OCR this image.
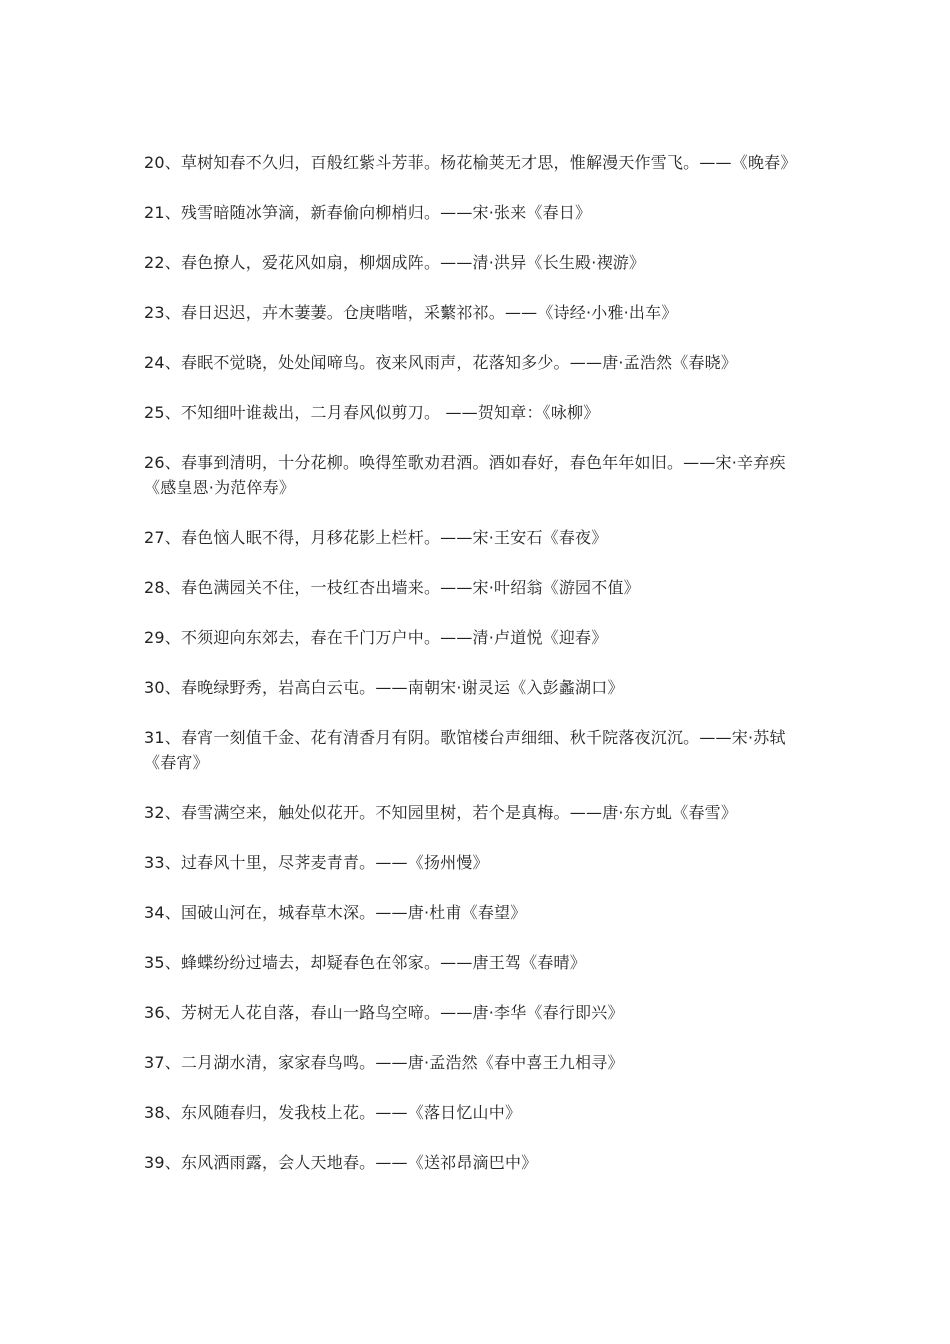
20、草树知春不久归，百般红紫斗芳菲。杨花榆荚无才思，惟解漫天作雪飞。——《晚春》

21、残雪暗随冰笋滴，新春偷向柳梢归。——宋·张来《春日》

22、春色撩人，爱花风如扇，柳烟成阵。——清·洪异《长生殿·禊游》

23、春日迟迟，卉木萋萋。仓庚喈喈，采蘩祁祁。——《诗经·小雅·出车》

24、春眠不觉晓，处处闻啼鸟。夜来风雨声，花落知多少。——唐·孟浩然《春晓》

25、不知细叶谁裁出，二月春风似剪刀。 ——贺知章：《咏柳》

26、春事到清明，十分花柳。唤得笙歌劝君酒。酒如春好，春色年年如旧。——宋·辛弃疾《感皇恩·为范倅寿》

27、春色恼人眠不得，月移花影上栏杆。——宋·王安石《春夜》

28、春色满园关不住，一枝红杏出墙来。——宋·叶绍翁《游园不值》

29、不须迎向东郊去，春在千门万户中。——清·卢道悦《迎春》

30、春晚绿野秀，岩高白云屯。——南朝宋·谢灵运《入彭蠡湖口》

31、春宵一刻值千金、花有清香月有阴。歌馆楼台声细细、秋千院落夜沉沉。——宋·苏轼《春宵》

32、春雪满空来，触处似花开。不知园里树，若个是真梅。——唐·东方虬《春雪》

33、过春风十里，尽荠麦青青。——《扬州慢》

34、国破山河在，城春草木深。——唐·杜甫《春望》

35、蜂蝶纷纷过墙去，却疑春色在邻家。——唐王驾《春晴》

36、芳树无人花自落，春山一路鸟空啼。——唐·李华《春行即兴》

37、二月湖水清，家家春鸟鸣。——唐·孟浩然《春中喜王九相寻》

38、东风随春归，发我枝上花。——《落日忆山中》

39、东风洒雨露，会人天地春。——《送祁昂滴巴中》
